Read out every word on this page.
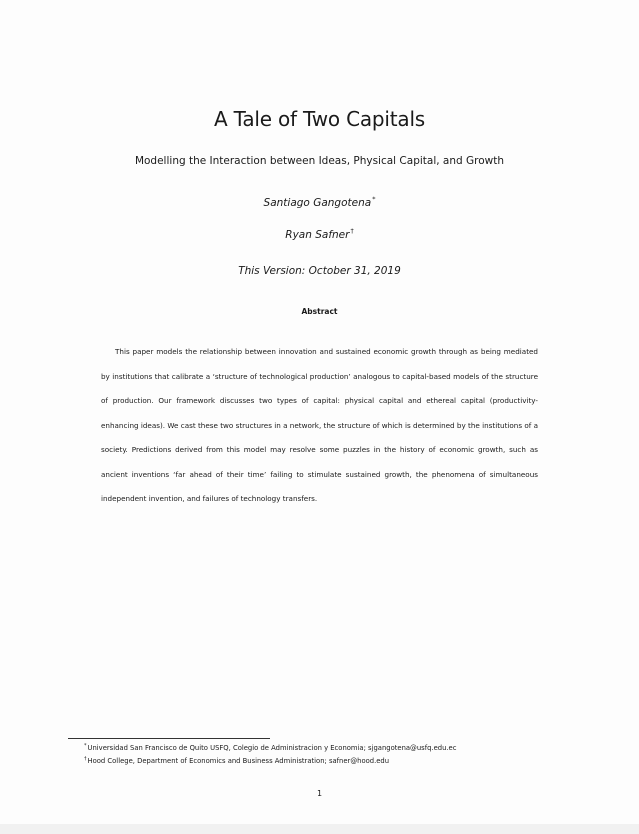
A Tale of Two Capitals
Modelling the Interaction between Ideas, Physical Capital, and Growth
Santiago Gangotena*
Ryan Safner†
This Version: October 31, 2019
Abstract

This paper models the relationship between innovation and sustained economic growth through as being mediated by institutions that calibrate a ‘structure of technological production’ analogous to capital-based models of the structure of production. Our framework discusses two types of capital: physical capital and ethereal capital (productivity-enhancing ideas). We cast these two structures in a network, the structure of which is determined by the institutions of a society. Predictions derived from this model may resolve some puzzles in the history of economic growth, such as ancient inventions ‘far ahead of their time’ failing to stimulate sustained growth, the phenomena of simultaneous independent invention, and failures of technology transfers.

*Universidad San Francisco de Quito USFQ, Colegio de Administracion y Economia; sjgangotena@usfq.edu.ec
†Hood College, Department of Economics and Business Administration; safner@hood.edu
1
